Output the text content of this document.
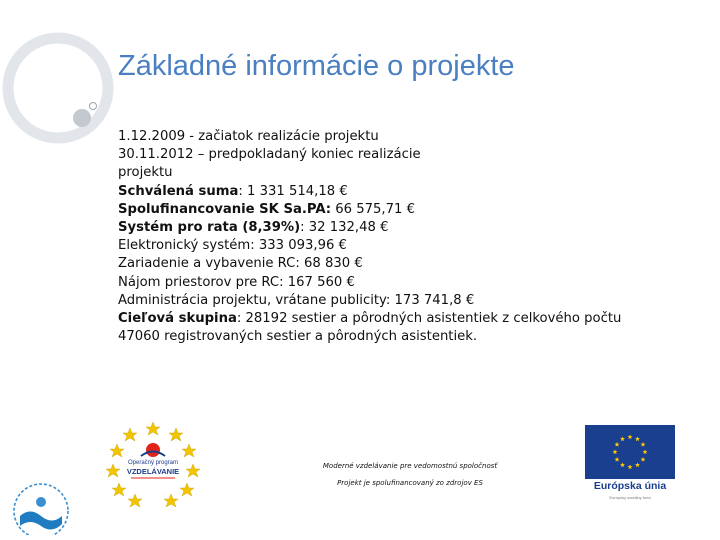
Základné informácie o projekte
1.12.2009 - začiatok realizácie projektu
30.11.2012 – predpokladaný koniec realizácie
projektu
Schválená suma: 1 331 514,18 €
Spolufinancovanie SK Sa.PA: 66 575,71 €
Systém pro rata (8,39%): 32 132,48 €
Elektronický systém: 333 093,96 €
Zariadenie a vybavenie RC: 68 830 €
Nájom priestorov pre RC: 167 560 €
Administrácia projektu, vrátane publicity: 173 741,8 €
Cieľová skupina: 28192 sestier a pôrodných asistentiek z celkového počtu
47060 registrovaných sestier a pôrodných asistentiek.
Operačný program
VZDELÁVANIE
Moderné vzdelávanie pre vedomostnú spoločnosť
Projekt je spolufinancovaný zo zdrojov ES	Európska únia
Európsky sociálny fond
